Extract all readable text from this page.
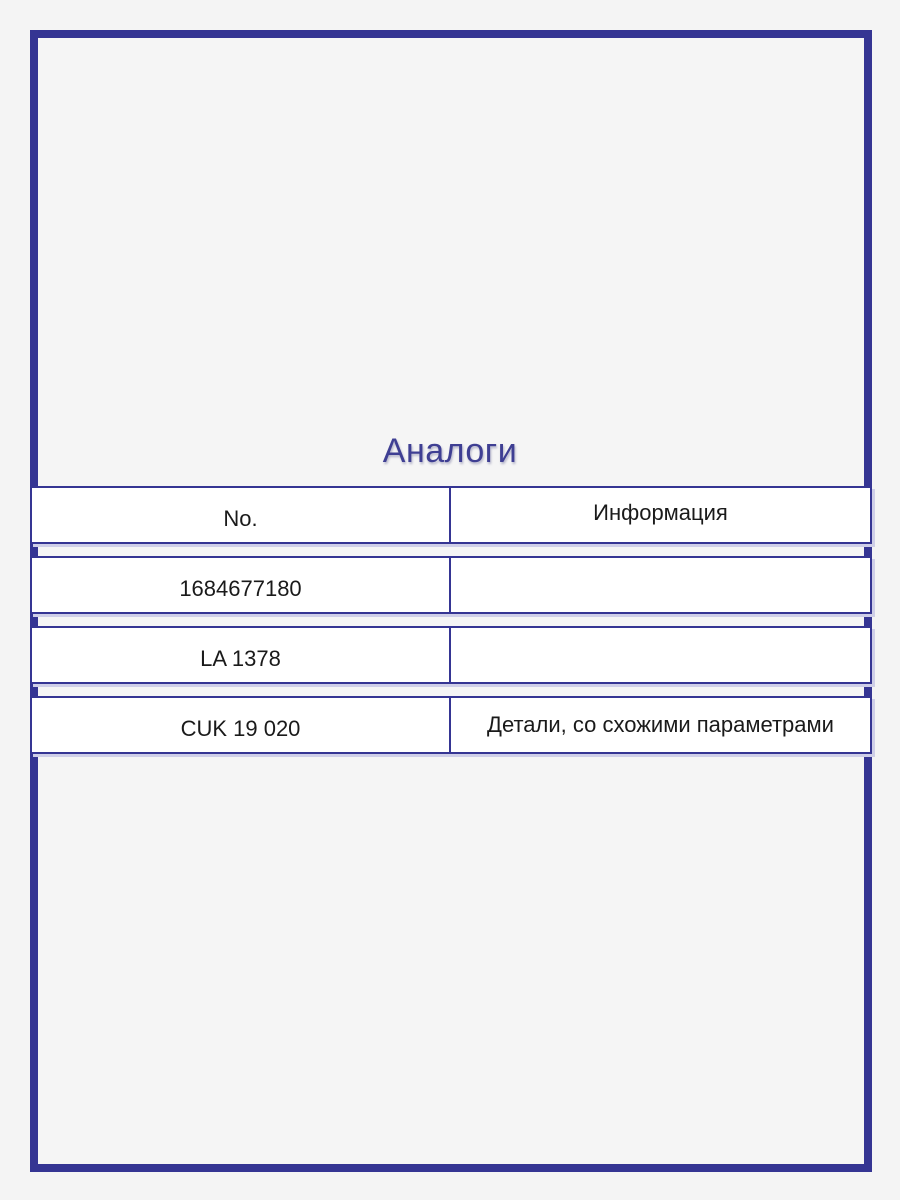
Аналоги
No.	Информация
1684677180
LA 1378
CUK 19 020	Детали, со схожими параметрами
